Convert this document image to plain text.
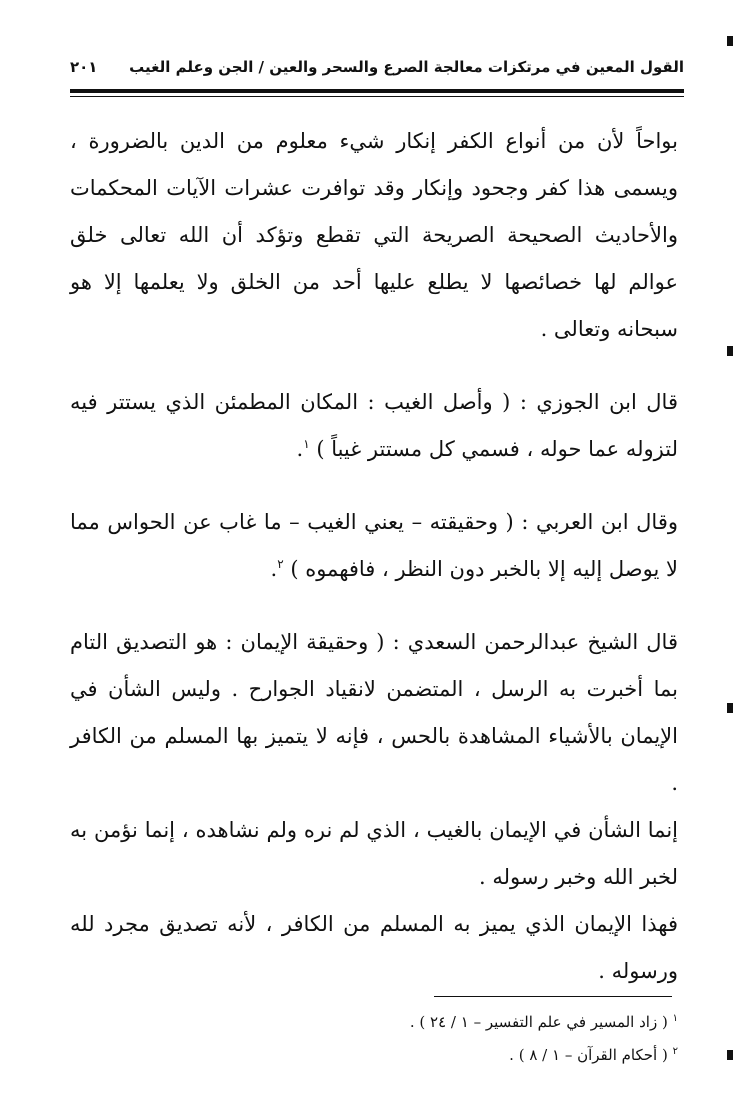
القول المعين في مرتكزات معالجة الصرع والسحر والعين / الجن وعلم الغيب
٢٠١

بواحاً لأن من أنواع الكفر إنكار شيء معلوم من الدين بالضرورة ، ويسمى هذا كفر وجحود وإنكار وقد توافرت عشرات الآيات المحكمات والأحاديث الصحيحة الصريحة التي تقطع وتؤكد أن الله تعالى خلق عوالم لها خصائصها لا يطلع عليها أحد من الخلق ولا يعلمها إلا هو سبحانه وتعالى .

قال ابن الجوزي : ( وأصل الغيب : المكان المطمئن الذي يستتر فيه لتزوله عما حوله ، فسمي كل مستتر غيباً ) $^١$.

وقال ابن العربي : ( وحقيقته – يعني الغيب – ما غاب عن الحواس مما لا يوصل إليه إلا بالخبر دون النظر ، فافهموه ) $^٢$.

قال الشيخ عبدالرحمن السعدي : ( وحقيقة الإيمان : هو التصديق التام بما أخبرت به الرسل ، المتضمن لانقياد الجوارح . وليس الشأن في الإيمان بالأشياء المشاهدة بالحس ، فإنه لا يتميز بها المسلم من الكافر .

إنما الشأن في الإيمان بالغيب ، الذي لم نره ولم نشاهده ، إنما نؤمن به لخبر الله وخبر رسوله .

فهذا الإيمان الذي يميز به المسلم من الكافر ، لأنه تصديق مجرد لله ورسوله .

$^١$ ( زاد المسير في علم التفسير – ١ / ٢٤ ) .

$^٢$ ( أحكام القرآن – ١ / ٨ ) .
